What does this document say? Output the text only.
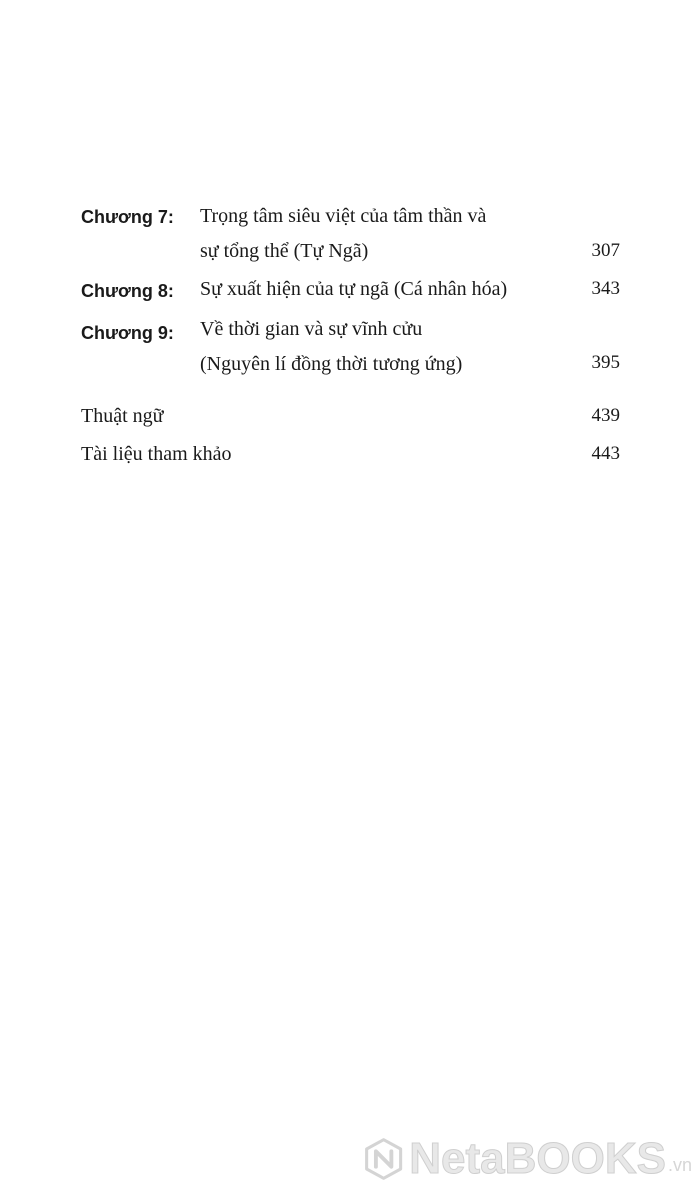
Chương 7: Trọng tâm siêu việt của tâm thần và
sự tổng thể (Tự Ngã)	307
Chương 8: Sự xuất hiện của tự ngã (Cá nhân hóa)	343
Chương 9: Về thời gian và sự vĩnh cửu
(Nguyên lí đồng thời tương ứng)	395
Thuật ngữ	439
Tài liệu tham khảo	443
NetaBOOKS .vn
